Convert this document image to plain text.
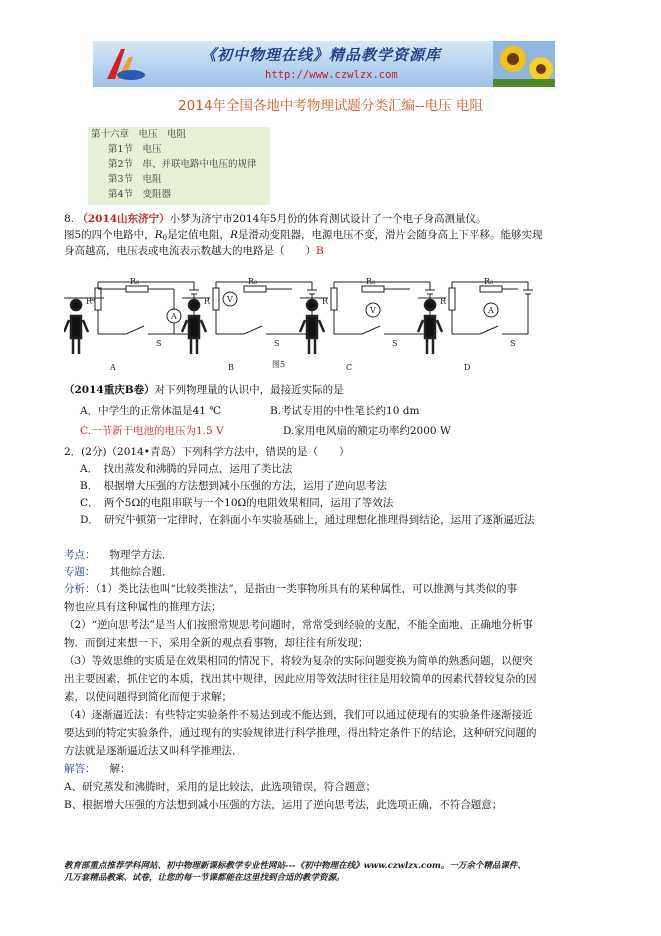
《初中物理在线》精品教学资源库
http://www.czwlzx.com
2014年全国各地中考物理试题分类汇编--电压 电阻
第十六章　电压　电阻
第1节　电压
第2节　串、并联电路中电压的规律
第3节　电阻
第4节　变阻器
8. （2014山东济宁）小梦为济宁市2014年5月份的体育测试设计了一个电子身高测量仪。
图5的四个电路中，$R_0$是定值电阻，R是滑动变阻器，电源电压不变，滑片会随身高上下平移。能够实现
身高越高，电压表或电流表示数越大的电路是（　　）B
A
R
R₀
S
A
B
R
R₀
S
V
C
R
R₀
S
V
D
R
R₀
S
A
图5
（2014重庆B卷）对下列物理量的认识中，最接近实际的是
A．中学生的正常体温是41 ℃	B.考试专用的中性笔长约10 dm
C.一节新干电池的电压为1.5 V	D.家用电风扇的额定功率约2000 W
2．(2分)（2014•青岛）下列科学方法中，错误的是（　　）
A．　找出蒸发和沸腾的异同点，运用了类比法
B．　根据增大压强的方法想到减小压强的方法，运用了逆向思考法
C．　两个5Ω的电阻串联与一个10Ω的电阻效果相同，运用了等效法
D．　研究牛顿第一定律时，在斜面小车实验基础上，通过理想化推理得到结论，运用了逐渐逼近法
考点： 物理学方法．
专题： 其他综合题．
分析：（1）类比法也叫“比较类推法”，是指由一类事物所具有的某种属性，可以推测与其类似的事
物也应具有这种属性的推理方法；
（2）“逆向思考法”是当人们按照常规思考问题时，常常受到经验的支配，不能全面地、正确地分析事
物．而倒过来想一下，采用全新的观点看事物，却往往有所发现；
（3）等效思维的实质是在效果相同的情况下，将较为复杂的实际问题变换为简单的熟悉问题，以便突
出主要因素，抓住它的本质，找出其中规律，因此应用等效法时往往是用较简单的因素代替较复杂的因
素，以使问题得到简化而便于求解；
（4）逐渐逼近法：有些特定实验条件不易达到或不能达到，我们可以通过使现有的实验条件逐渐接近
要达到的特定实验条件，通过现有的实验规律进行科学推理，得出特定条件下的结论，这种研究问题的
方法就是逐渐逼近法又叫科学推理法．
解答： 解：
A、研究蒸发和沸腾时，采用的是比较法，此选项错误，符合题意；
B、根据增大压强的方法想到减小压强的方法，运用了逆向思考法，此选项正确，不符合题意；
教育部重点推荐学科网站、初中物理新课标教学专业性网站---《初中物理在线》www.czwlzx.com。一万余个精品课件、
几万套精品教案、试卷，让您的每一节课都能在这里找到合适的教学资源。
